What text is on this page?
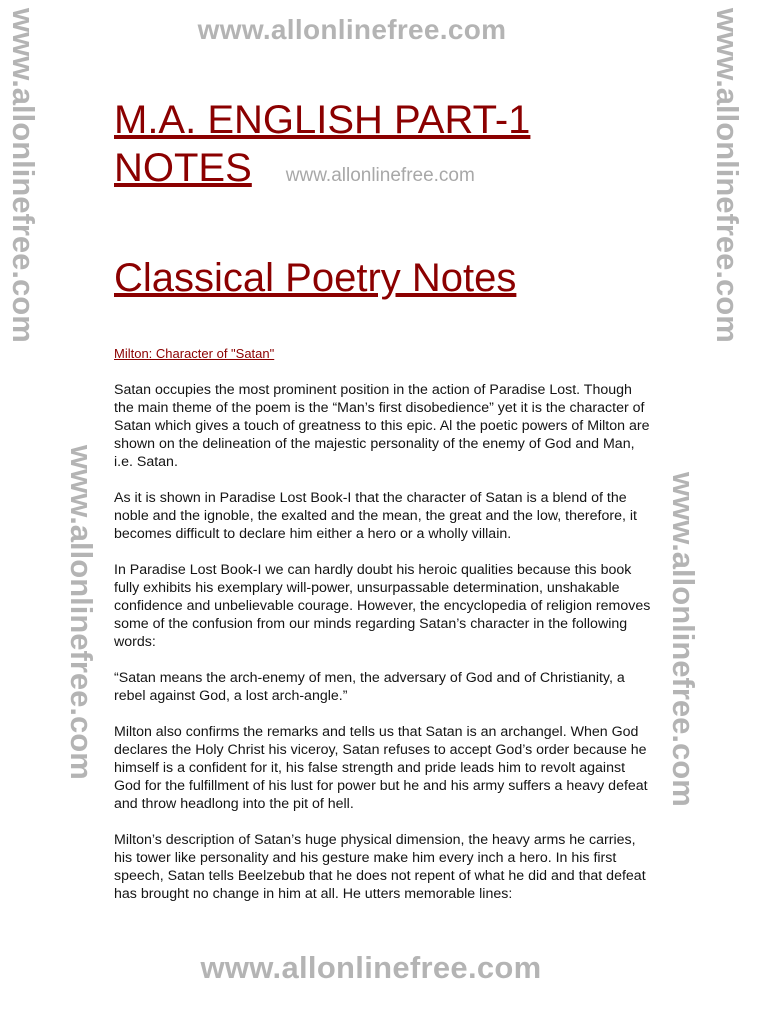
www.allonlinefree.com
www.allonlinefree.com	www.allonlinefree.com
www.allonlinefree.com	www.allonlinefree.com
www.allonlinefree.com
M.A. ENGLISH PART-1
NOTES www.allonlinefree.com
Classical Poetry Notes
Milton: Character of "Satan"

Satan occupies the most prominent position in the action of Paradise Lost. Though the main theme of the poem is the “Man’s first disobedience” yet it is the character of Satan which gives a touch of greatness to this epic. Al the poetic powers of Milton are shown on the delineation of the majestic personality of the enemy of God and Man, i.e. Satan.

As it is shown in Paradise Lost Book-I that the character of Satan is a blend of the noble and the ignoble, the exalted and the mean, the great and the low, therefore, it becomes difficult to declare him either a hero or a wholly villain.

In Paradise Lost Book-I we can hardly doubt his heroic qualities because this book fully exhibits his exemplary will-power, unsurpassable determination, unshakable confidence and unbelievable courage. However, the encyclopedia of religion removes some of the confusion from our minds regarding Satan’s character in the following words:

“Satan means the arch-enemy of men, the adversary of God and of Christianity, a rebel against God, a lost arch-angle.”

Milton also confirms the remarks and tells us that Satan is an archangel. When God declares the Holy Christ his viceroy, Satan refuses to accept God’s order because he himself is a confident for it, his false strength and pride leads him to revolt against God for the fulfillment of his lust for power but he and his army suffers a heavy defeat and throw headlong into the pit of hell.

Milton’s description of Satan’s huge physical dimension, the heavy arms he carries, his tower like personality and his gesture make him every inch a hero. In his first speech, Satan tells Beelzebub that he does not repent of what he did and that defeat has brought no change in him at all. He utters memorable lines:
